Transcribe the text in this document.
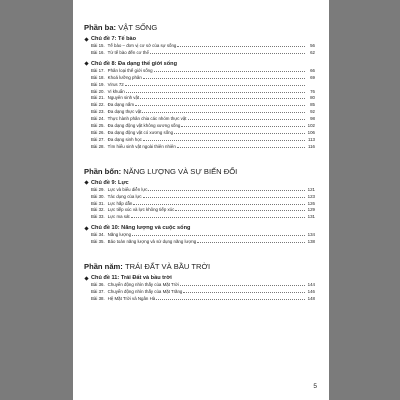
Phần ba: VẬT SỐNG
Chủ đề 7: Tế bào
Bài 15. Tế bào – đơn vị cơ sở của sự sống	56
Bài 16. Từ tế bào đến cơ thể	62
Chủ đề 8: Đa dạng thế giới sống
Bài 17. Phân loại thế giới sống	66
Bài 18. Khoá lưỡng phân	69
Bài 19. Virus 72
Bài 20. Vi khuẩn	76
Bài 21. Nguyên sinh vật	80
Bài 22. Đa dạng nấm	85
Bài 23. Đa dạng thực vật	92
Bài 24. Thực hành phân chia các nhóm thực vật	98
Bài 25. Đa dạng động vật không xương sống	102
Bài 26. Đa dạng động vật có xương sống	106
Bài 27. Đa dạng sinh học	113
Bài 28. Tìm hiểu sinh vật ngoài thiên nhiên	116
Phần bốn: NĂNG LƯỢNG VÀ SỰ BIẾN ĐỔI
Chủ đề 9: Lực
Bài 29. Lực và biểu diễn lực	121
Bài 30. Tác dụng của lực	123
Bài 31. Lực hấp dẫn	126
Bài 32. Lực tiếp xúc và lực không tiếp xúc	129
Bài 33. Lực ma sát	131
Chủ đề 10: Năng lượng và cuộc sống
Bài 34. Năng lượng	134
Bài 35. Bảo toàn năng lượng và sử dụng năng lượng	138
Phần năm: TRÁI ĐẤT VÀ BẦU TRỜI
Chủ đề 11: Trái Đất và bầu trời
Bài 36. Chuyển động nhìn thấy của Mặt Trời	144
Bài 37. Chuyển động nhìn thấy của Mặt Trăng	146
Bài 38. Hệ Mặt Trời và Ngân Hà	148
5
